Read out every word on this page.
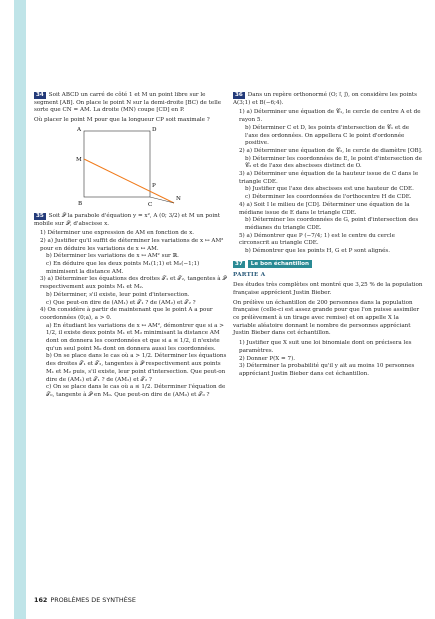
34 Soit ABCD un carré de côté 1 et M un point libre sur le segment [AB]. On place le point N sur la demi-droite [BC) de telle sorte que CN = AM. La droite (MN) coupe [CD] en P.
Où placer le point M pour que la longueur CP soit maximale ?
A	D
M
P
B	C
N
35 Soit 𝒫 la parabole d'équation y = x², A (0; 3/2) et M un point mobile sur 𝒫, d'abscisse x.
1) Déterminer une expression de AM en fonction de x.
2) a) Justifier qu'il suffit de déterminer les variations de x ↦ AM² pour en déduire les variations de x ↦ AM.
b) Déterminer les variations de x ↦ AM² sur ℝ.
c) En déduire que les deux points M₁(1;1) et M₂(−1;1) minimisent la distance AM.
3) a) Déterminer les équations des droites 𝒯₁ et 𝒯₂, tangentes à 𝒫 respectivement aux points M₁ et M₂.
b) Déterminer, s'il existe, leur point d'intersection.
c) Que peut-on dire de (AM₁) et 𝒯₁ ? de (AM₂) et 𝒯₂ ?
4) On considère à partir de maintenant que le point A a pour coordonnées (0;a), a > 0.
a) En étudiant les variations de x ↦ AM², démontrer que si a > 1/2, il existe deux points M₁ et M₂ minimisant la distance AM dont on donnera les coordonnées et que si a ≤ 1/2, il n'existe qu'un seul point M₀ dont on donnera aussi les coordonnées.
b) On se place dans le cas où a > 1/2. Déterminer les équations des droites 𝒯₁ et 𝒯₂, tangentes à 𝒫 respectivement aux points M₁ et M₂ puis, s'il existe, leur point d'intersection. Que peut-on dire de (AM₁) et 𝒯₁ ? de (AM₂) et 𝒯₂ ?
c) On se place dans le cas où a ≤ 1/2. Déterminer l'équation de 𝒯₀, tangente à 𝒫 en M₀. Que peut-on dire de (AM₀) et 𝒯₀ ?
36 Dans un repère orthonormé (O; i⃗, j⃗), on considère les points A(3;1) et B(−6;4).
1) a) Déterminer une équation de 𝒞₁, le cercle de centre A et de rayon 5.
b) Déterminer C et D, les points d'intersection de 𝒞₁ et de l'axe des ordonnées. On appellera C le point d'ordonnée positive.
2) a) Déterminer une équation de 𝒞₂, le cercle de diamètre [OB].
b) Déterminer les coordonnées de E, le point d'intersection de 𝒞₂ et de l'axe des abscisses distinct de O.
3) a) Déterminer une équation de la hauteur issue de C dans le triangle CDE.
b) Justifier que l'axe des abscisses est une hauteur de CDE.
c) Déterminer les coordonnées de l'orthocentre H de CDE.
4) a) Soit I le milieu de [CD]. Déterminer une équation de la médiane issue de E dans le triangle CDE.
b) Déterminer les coordonnées de G, point d'intersection des médianes du triangle CDE.
5) a) Démontrer que P (−7/4; 1) est le centre du cercle circonscrit au triangle CDE.
b) Démontrer que les points H, G et P sont alignés.
37 Le bon échantillon
PARTIE A
Des études très complètes ont montré que 3,25 % de la population française apprécient Justin Bieber.
On prélève un échantillon de 200 personnes dans la population française (celle-ci est assez grande pour que l'on puisse assimiler ce prélèvement à un tirage avec remise) et on appelle X la variable aléatoire donnant le nombre de personnes appréciant Justin Bieber dans cet échantillon.
1) Justifier que X suit une loi binomiale dont on précisera les paramètres.
2) Donner P(X = 7).
3) Déterminer la probabilité qu'il y ait au moins 10 personnes appréciant Justin Bieber dans cet échantillon.
162 PROBLÈMES DE SYNTHÈSE
